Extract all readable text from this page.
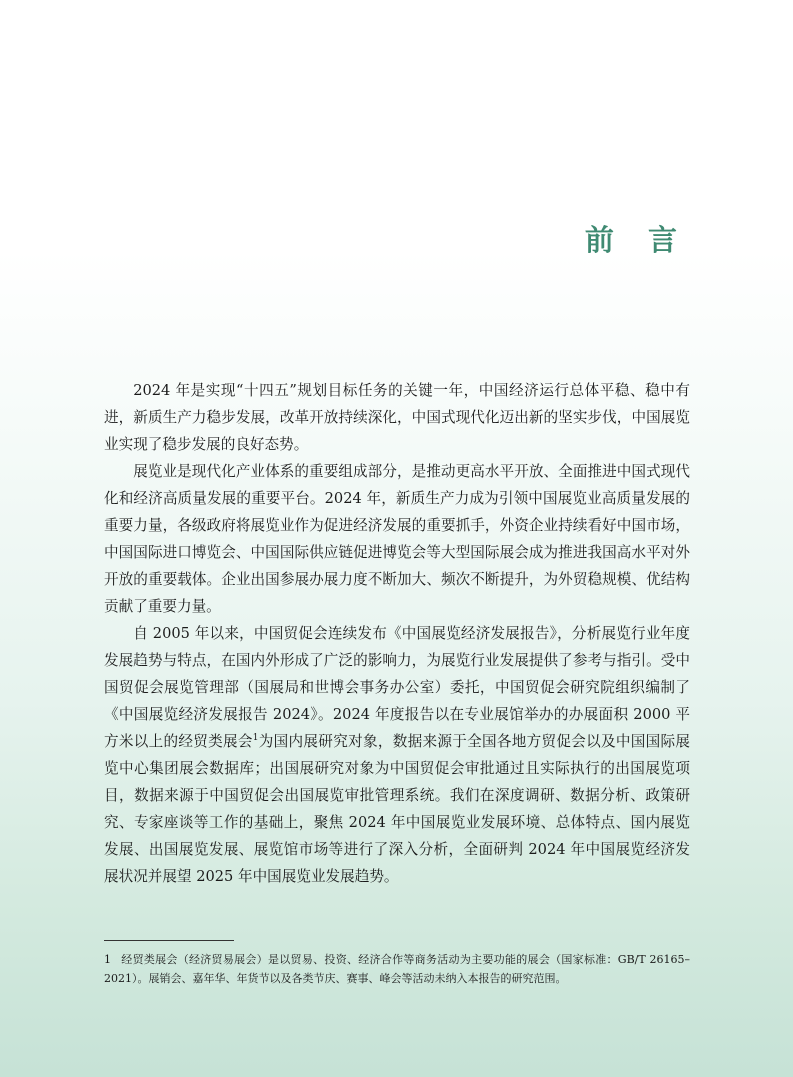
前 言

2024 年是实现“十四五”规划目标任务的关键一年，中国经济运行总体平稳、稳中有进，新质生产力稳步发展，改革开放持续深化，中国式现代化迈出新的坚实步伐，中国展览业实现了稳步发展的良好态势。

展览业是现代化产业体系的重要组成部分，是推动更高水平开放、全面推进中国式现代化和经济高质量发展的重要平台。2024 年，新质生产力成为引领中国展览业高质量发展的重要力量，各级政府将展览业作为促进经济发展的重要抓手，外资企业持续看好中国市场，中国国际进口博览会、中国国际供应链促进博览会等大型国际展会成为推进我国高水平对外开放的重要载体。企业出国参展办展力度不断加大、频次不断提升，为外贸稳规模、优结构贡献了重要力量。

自 2005 年以来，中国贸促会连续发布《中国展览经济发展报告》，分析展览行业年度发展趋势与特点，在国内外形成了广泛的影响力，为展览行业发展提供了参考与指引。受中国贸促会展览管理部（国展局和世博会事务办公室）委托，中国贸促会研究院组织编制了《中国展览经济发展报告 2024》。2024 年度报告以在专业展馆举办的办展面积 2000 平方米以上的经贸类展会$^1$为国内展研究对象，数据来源于全国各地方贸促会以及中国国际展览中心集团展会数据库；出国展研究对象为中国贸促会审批通过且实际执行的出国展览项目，数据来源于中国贸促会出国展览审批管理系统。我们在深度调研、数据分析、政策研究、专家座谈等工作的基础上，聚焦 2024 年中国展览业发展环境、总体特点、国内展览发展、出国展览发展、展览馆市场等进行了深入分析，全面研判 2024 年中国展览经济发展状况并展望 2025 年中国展览业发展趋势。

1 经贸类展会（经济贸易展会）是以贸易、投资、经济合作等商务活动为主要功能的展会（国家标准：GB/T 26165–2021）。展销会、嘉年华、年货节以及各类节庆、赛事、峰会等活动未纳入本报告的研究范围。
